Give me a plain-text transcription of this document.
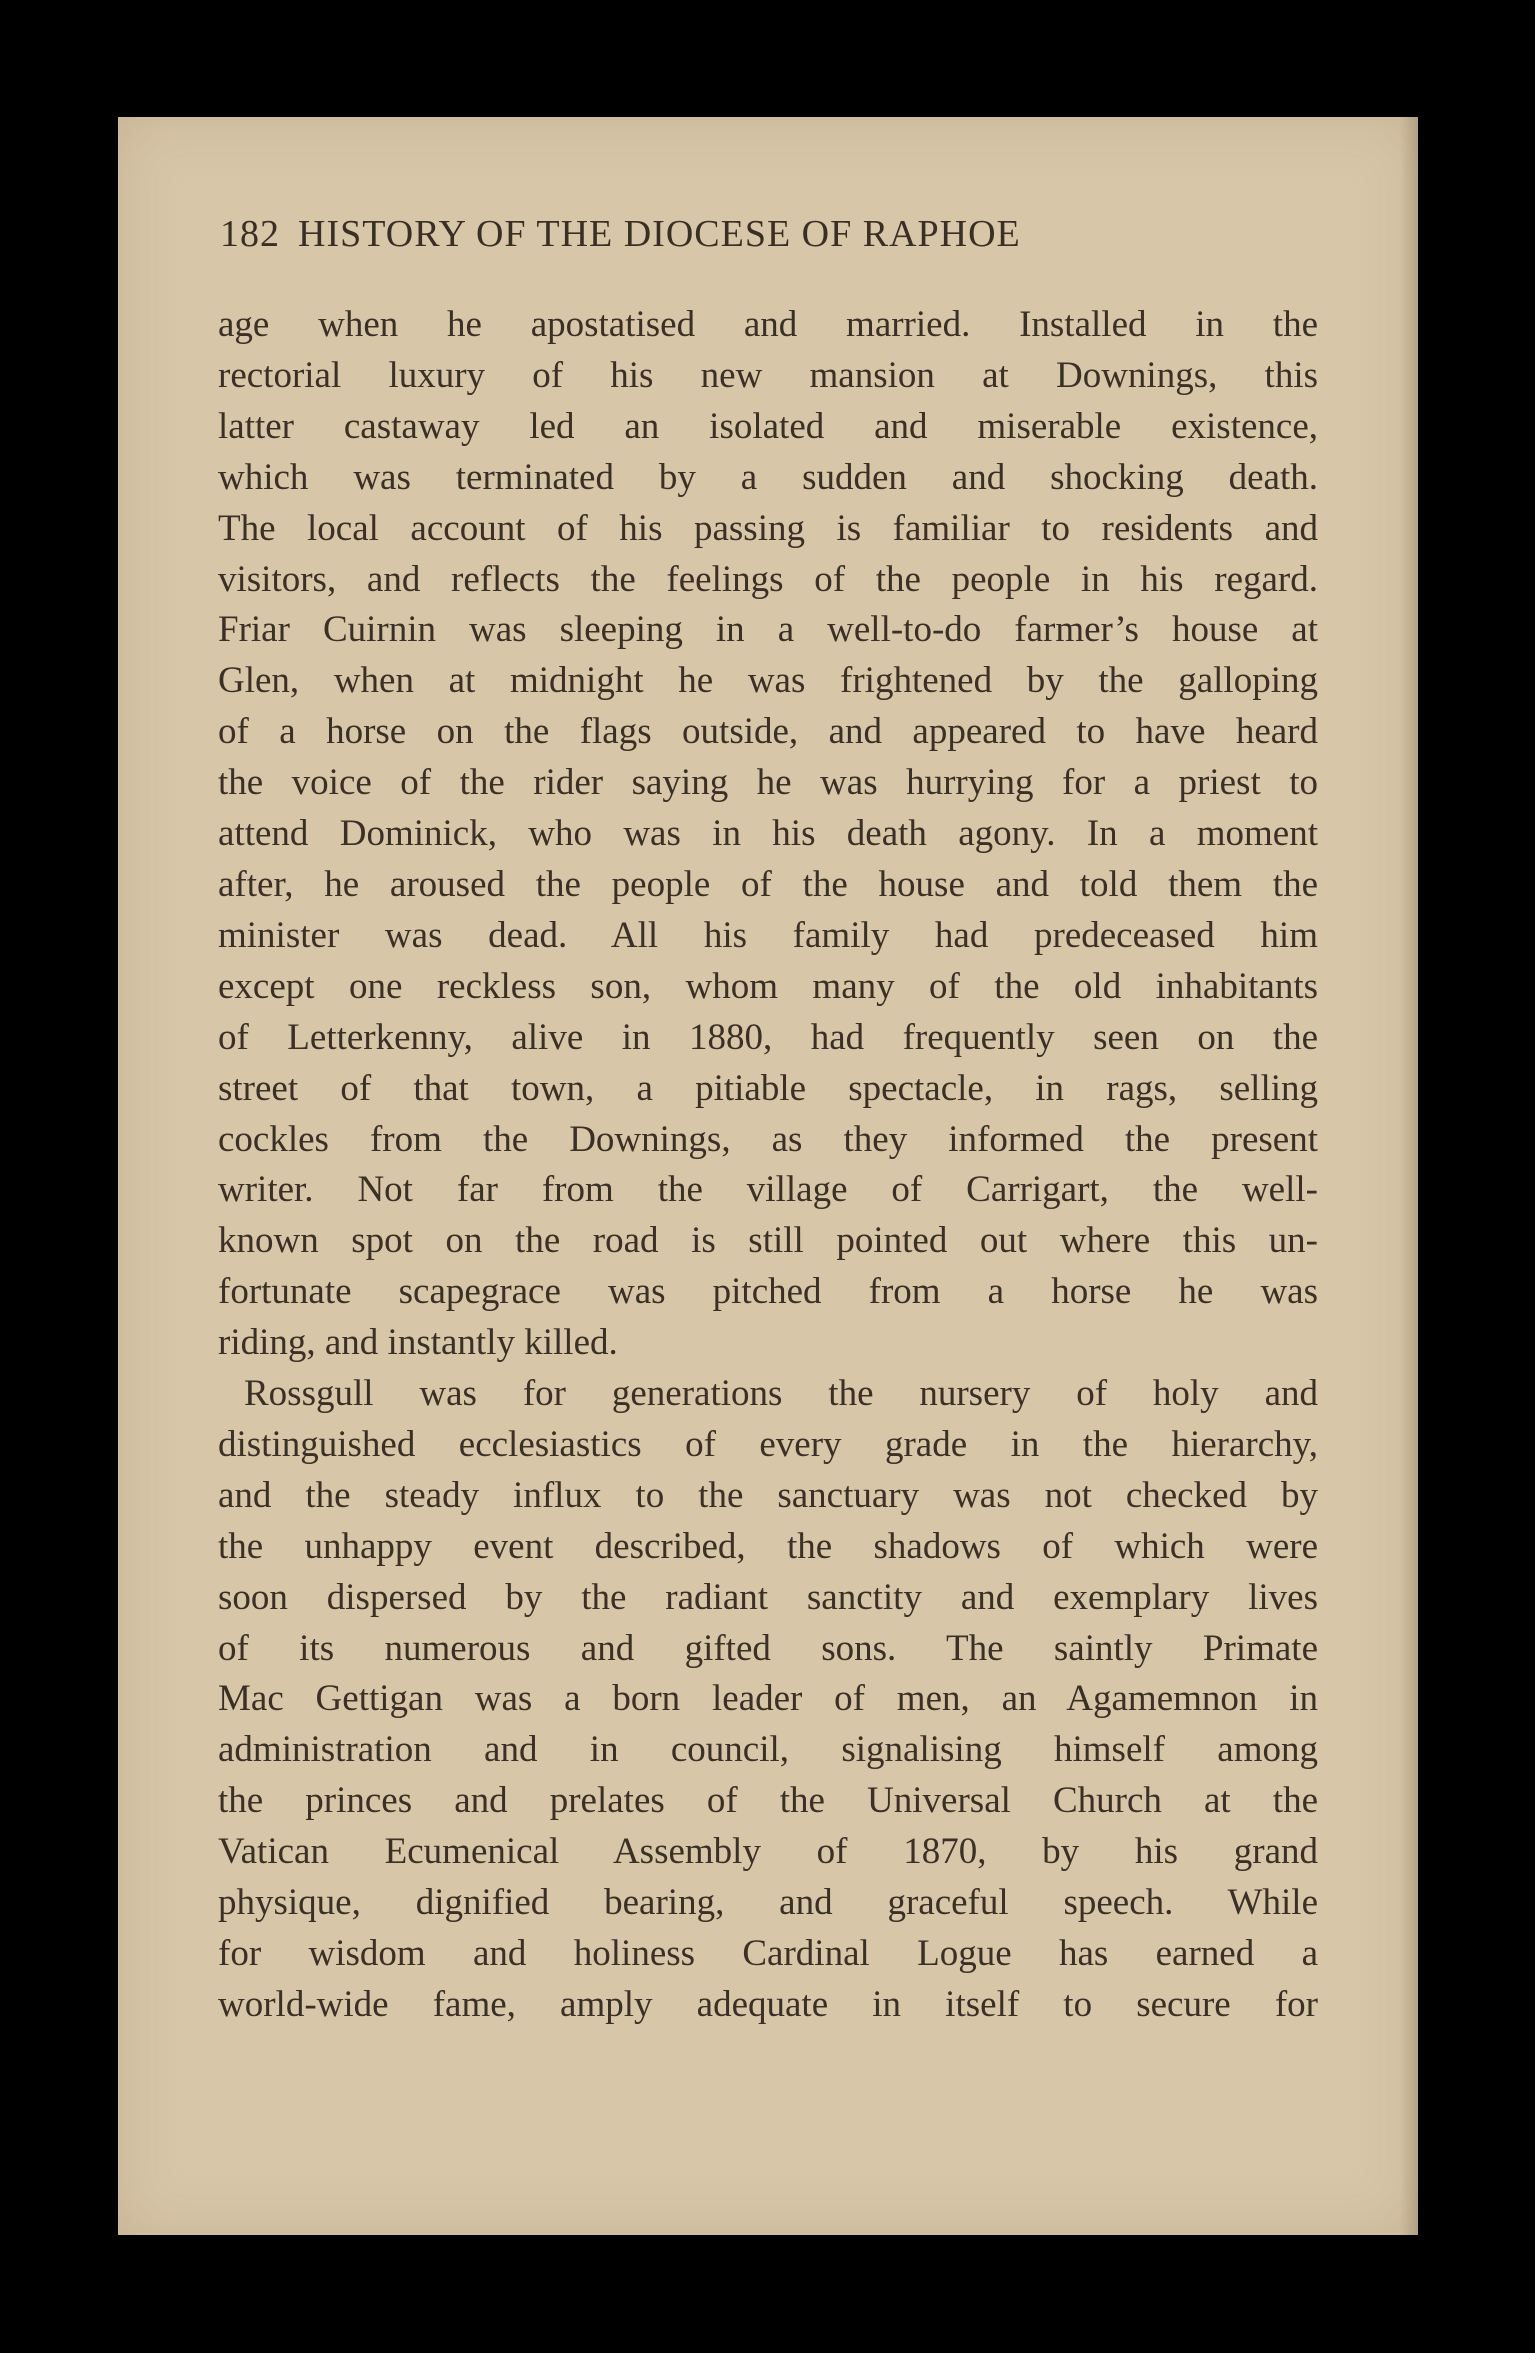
182 HISTORY OF THE DIOCESE OF RAPHOE
age when he apostatised and married. Installed in the
rectorial luxury of his new mansion at Downings, this
latter castaway led an isolated and miserable existence,
which was terminated by a sudden and shocking death.
The local account of his passing is familiar to residents and
visitors, and reflects the feelings of the people in his regard.
Friar Cuirnin was sleeping in a well-to-do farmer’s house at
Glen, when at midnight he was frightened by the galloping
of a horse on the flags outside, and appeared to have heard
the voice of the rider saying he was hurrying for a priest to
attend Dominick, who was in his death agony. In a moment
after, he aroused the people of the house and told them the
minister was dead. All his family had predeceased him
except one reckless son, whom many of the old inhabitants
of Letterkenny, alive in 1880, had frequently seen on the
street of that town, a pitiable spectacle, in rags, selling
cockles from the Downings, as they informed the present
writer. Not far from the village of Carrigart, the well-
known spot on the road is still pointed out where this un-
fortunate scapegrace was pitched from a horse he was
riding, and instantly killed.
Rossgull was for generations the nursery of holy and
distinguished ecclesiastics of every grade in the hierarchy,
and the steady influx to the sanctuary was not checked by
the unhappy event described, the shadows of which were
soon dispersed by the radiant sanctity and exemplary lives
of its numerous and gifted sons. The saintly Primate
Mac Gettigan was a born leader of men, an Agamemnon in
administration and in council, signalising himself among
the princes and prelates of the Universal Church at the
Vatican Ecumenical Assembly of 1870, by his grand
physique, dignified bearing, and graceful speech. While
for wisdom and holiness Cardinal Logue has earned a
world-wide fame, amply adequate in itself to secure for
